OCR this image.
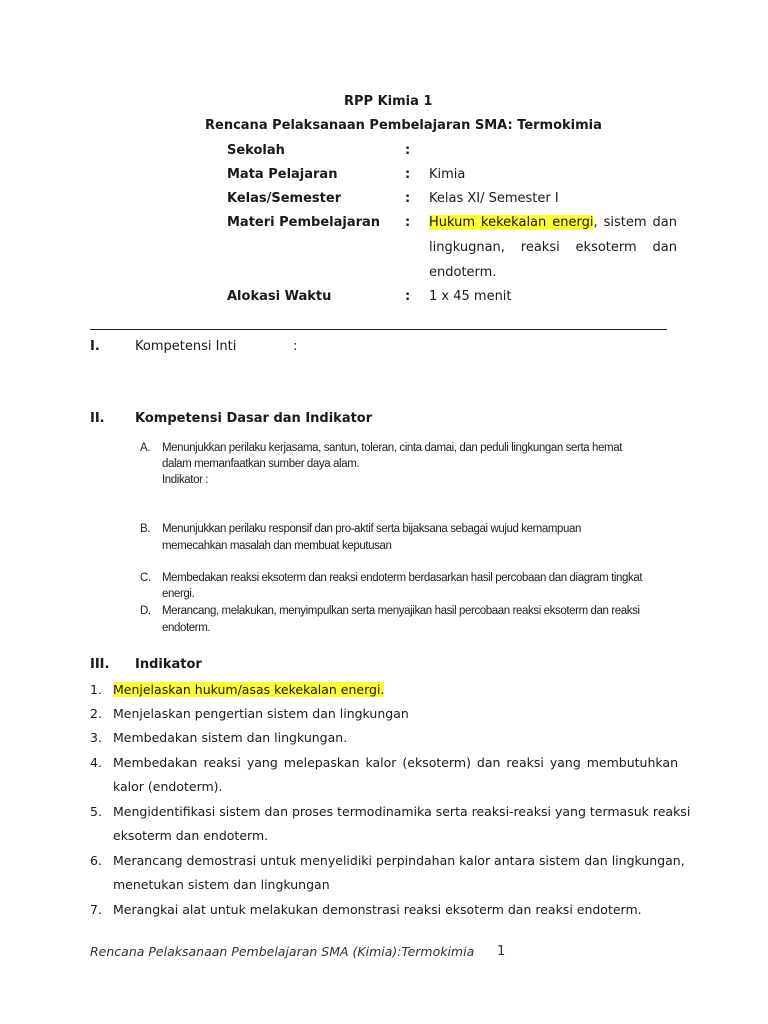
RPP Kimia 1
Rencana Pelaksanaan Pembelajaran SMA: Termokimia
Sekolah	:
Mata Pelajaran	: Kimia
Kelas/Semester	: Kelas XI/ Semester I
Materi Pembelajaran : Hukum kekekalan energi, sistem dan
lingkugnan, reaksi eksoterm dan
endoterm.
Alokasi Waktu	: 1 x 45 menit
I.	Kompetensi Inti	:
II. Kompetensi Dasar dan Indikator
A. Menunjukkan perilaku kerjasama, santun, toleran, cinta damai, dan peduli lingkungan serta hemat
dalam memanfaatkan sumber daya alam.
Indikator :
B. Menunjukkan perilaku responsif dan pro-aktif serta bijaksana sebagai wujud kemampuan
memecahkan masalah dan membuat keputusan
C. Membedakan reaksi eksoterm dan reaksi endoterm berdasarkan hasil percobaan dan diagram tingkat
energi.
D. Merancang, melakukan, menyimpulkan serta menyajikan hasil percobaan reaksi eksoterm dan reaksi
endoterm.
III. Indikator
1. Menjelaskan hukum/asas kekekalan energi.
2. Menjelaskan pengertian sistem dan lingkungan
3. Membedakan sistem dan lingkungan.
4. Membedakan reaksi yang melepaskan kalor (eksoterm) dan reaksi yang membutuhkan
kalor (endoterm).
5. Mengidentifikasi sistem dan proses termodinamika serta reaksi-reaksi yang termasuk reaksi
eksoterm dan endoterm.
6. Merancang demostrasi untuk menyelidiki perpindahan kalor antara sistem dan lingkungan,
menetukan sistem dan lingkungan
7. Merangkai alat untuk melakukan demonstrasi reaksi eksoterm dan reaksi endoterm.
Rencana Pelaksanaan Pembelajaran SMA (Kimia):Termokimia 1
